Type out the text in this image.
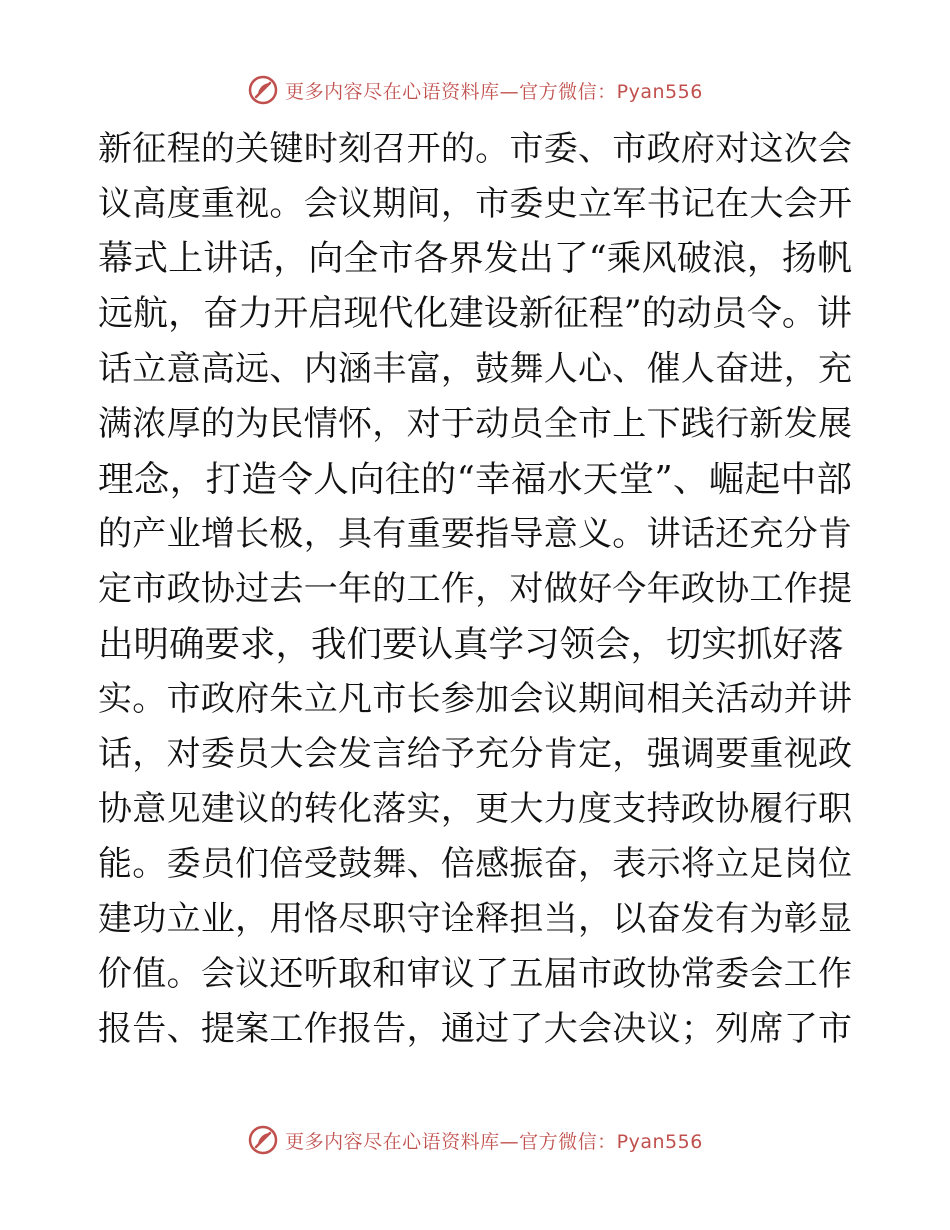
更多内容尽在心语资料库—官方微信：Pyan556
新征程的关键时刻召开的。市委、市政府对这次会
议高度重视。会议期间，市委史立军书记在大会开
幕式上讲话，向全市各界发出了“乘风破浪，扬帆
远航，奋力开启现代化建设新征程”的动员令。讲
话立意高远、内涵丰富，鼓舞人心、催人奋进，充
满浓厚的为民情怀，对于动员全市上下践行新发展
理念，打造令人向往的“幸福水天堂”、崛起中部
的产业增长极，具有重要指导意义。讲话还充分肯
定市政协过去一年的工作，对做好今年政协工作提
出明确要求，我们要认真学习领会，切实抓好落
实。市政府朱立凡市长参加会议期间相关活动并讲
话，对委员大会发言给予充分肯定，强调要重视政
协意见建议的转化落实，更大力度支持政协履行职
能。委员们倍受鼓舞、倍感振奋，表示将立足岗位
建功立业，用恪尽职守诠释担当，以奋发有为彰显
价值。会议还听取和审议了五届市政协常委会工作
报告、提案工作报告，通过了大会决议；列席了市
更多内容尽在心语资料库—官方微信：Pyan556
